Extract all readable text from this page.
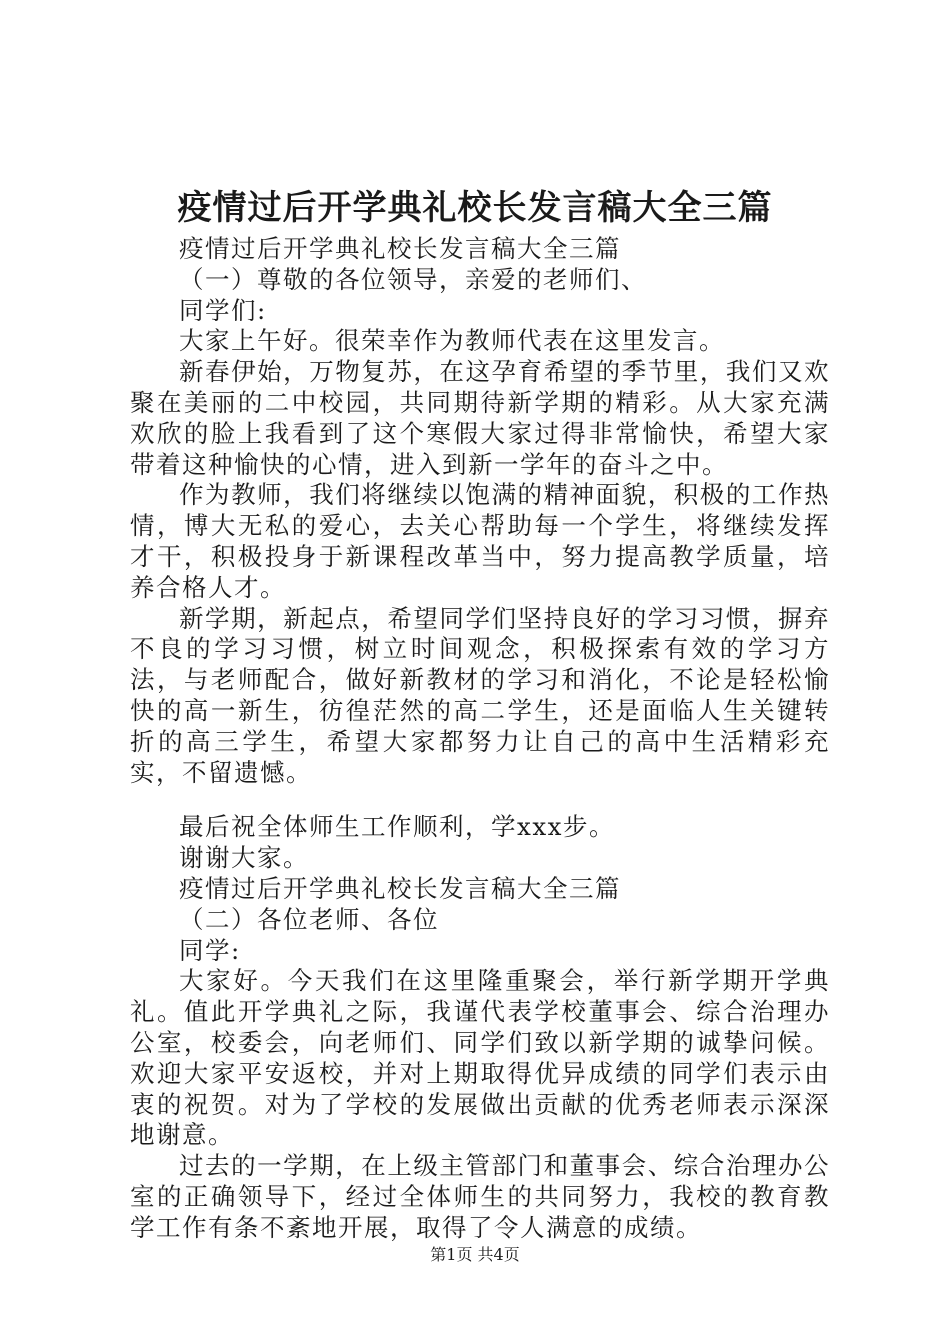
疫情过后开学典礼校长发言稿大全三篇

疫情过后开学典礼校长发言稿大全三篇

（一）尊敬的各位领导，亲爱的老师们、

同学们:

大家上午好。很荣幸作为教师代表在这里发言。

新春伊始，万物复苏，在这孕育希望的季节里，我们又欢聚在美丽的二中校园，共同期待新学期的精彩。从大家充满欢欣的脸上我看到了这个寒假大家过得非常愉快，希望大家带着这种愉快的心情，进入到新一学年的奋斗之中。

作为教师，我们将继续以饱满的精神面貌，积极的工作热情，博大无私的爱心，去关心帮助每一个学生，将继续发挥才干，积极投身于新课程改革当中，努力提高教学质量，培养合格人才。

新学期，新起点，希望同学们坚持良好的学习习惯，摒弃不良的学习习惯，树立时间观念，积极探索有效的学习方法，与老师配合，做好新教材的学习和消化，不论是轻松愉快的高一新生，彷徨茫然的高二学生，还是面临人生关键转折的高三学生，希望大家都努力让自己的高中生活精彩充实，不留遗憾。

最后祝全体师生工作顺利，学xxx步。

谢谢大家。

疫情过后开学典礼校长发言稿大全三篇

（二）各位老师、各位

同学:

大家好。今天我们在这里隆重聚会，举行新学期开学典礼。值此开学典礼之际，我谨代表学校董事会、综合治理办公室，校委会，向老师们、同学们致以新学期的诚挚问候。欢迎大家平安返校，并对上期取得优异成绩的同学们表示由衷的祝贺。对为了学校的发展做出贡献的优秀老师表示深深地谢意。

过去的一学期，在上级主管部门和董事会、综合治理办公室的正确领导下，经过全体师生的共同努力，我校的教育教学工作有条不紊地开展，取得了令人满意的成绩。

第1页 共4页
